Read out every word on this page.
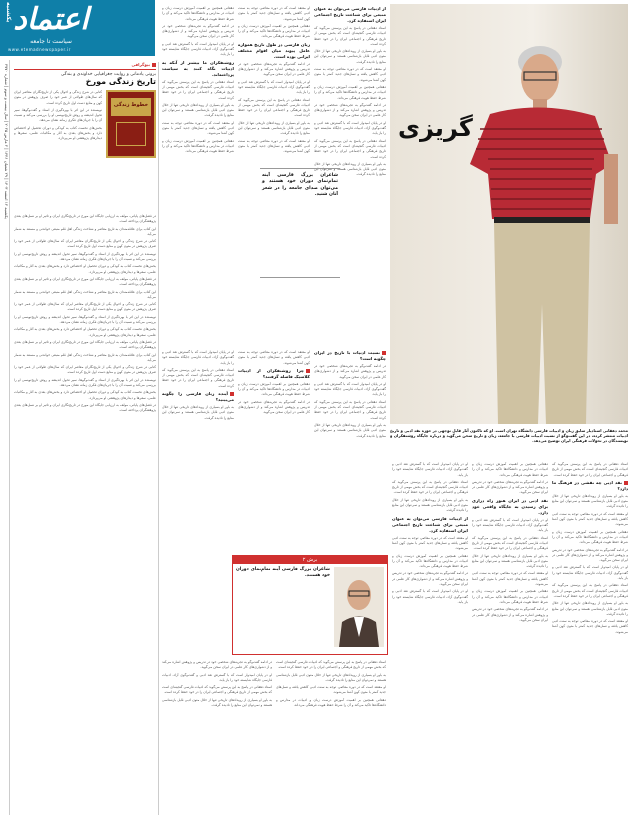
اعتماد
سیاست تا جامعه
www.etemadnewspaper.ir
یکشنبه
یکشنبه ۱۲ اسفند ۱۴۰۳ | ۲۹ شعبان ۱۴۴۶ | ۲ مارس ۲۰۲۵ | سال بیست و سوم | شماره ۴۷۷۰
بیوگرافی
برونی یادمانی و روایت جغرافیایی خداوندی و بندگی
تاریخ زندگی مورخ

کتابی در شرح زندگی و احوال یکی از تاریخ‌نگاران معاصر ایران که سال‌های طولانی از عمر خود را صرف پژوهش در متون کهن و منابع دست اول تاریخ کرده است.

نویسنده در این اثر با بهره‌گیری از اسناد و گفت‌وگوها، سیر تحول اندیشه و روش تاریخ‌نویسی او را بررسی می‌کند و نسبت آن را با جریان‌های فکری زمانه نشان می‌دهد.

بخش‌های نخست کتاب به کودکی و دوران تحصیل او اختصاص دارد و بخش‌های بعدی به آثار و مکاتبات علمی، سفرها و دیدارهای پژوهشی او می‌پردازد.

خطوط زندگی

در فصل‌های پایانی، مولف به ارزیابی جایگاه این مورخ در تاریخ‌نگاری ایران و تاثیر او بر نسل‌های بعدی پژوهشگران پرداخته است.

این کتاب برای علاقه‌مندان به تاریخ معاصر و شناخت زندگی اهل قلم منبعی خواندنی و مستند به شمار می‌آید.

کتابی در شرح زندگی و احوال یکی از تاریخ‌نگاران معاصر ایران که سال‌های طولانی از عمر خود را صرف پژوهش در متون کهن و منابع دست اول تاریخ کرده است.

نویسنده در این اثر با بهره‌گیری از اسناد و گفت‌وگوها، سیر تحول اندیشه و روش تاریخ‌نویسی او را بررسی می‌کند و نسبت آن را با جریان‌های فکری زمانه نشان می‌دهد.

بخش‌های نخست کتاب به کودکی و دوران تحصیل او اختصاص دارد و بخش‌های بعدی به آثار و مکاتبات علمی، سفرها و دیدارهای پژوهشی او می‌پردازد.

در فصل‌های پایانی، مولف به ارزیابی جایگاه این مورخ در تاریخ‌نگاری ایران و تاثیر او بر نسل‌های بعدی پژوهشگران پرداخته است.

این کتاب برای علاقه‌مندان به تاریخ معاصر و شناخت زندگی اهل قلم منبعی خواندنی و مستند به شمار می‌آید.

کتابی در شرح زندگی و احوال یکی از تاریخ‌نگاران معاصر ایران که سال‌های طولانی از عمر خود را صرف پژوهش در متون کهن و منابع دست اول تاریخ کرده است.

نویسنده در این اثر با بهره‌گیری از اسناد و گفت‌وگوها، سیر تحول اندیشه و روش تاریخ‌نویسی او را بررسی می‌کند و نسبت آن را با جریان‌های فکری زمانه نشان می‌دهد.

بخش‌های نخست کتاب به کودکی و دوران تحصیل او اختصاص دارد و بخش‌های بعدی به آثار و مکاتبات علمی، سفرها و دیدارهای پژوهشی او می‌پردازد.

در فصل‌های پایانی، مولف به ارزیابی جایگاه این مورخ در تاریخ‌نگاری ایران و تاثیر او بر نسل‌های بعدی پژوهشگران پرداخته است.

این کتاب برای علاقه‌مندان به تاریخ معاصر و شناخت زندگی اهل قلم منبعی خواندنی و مستند به شمار می‌آید.

کتابی در شرح زندگی و احوال یکی از تاریخ‌نگاران معاصر ایران که سال‌های طولانی از عمر خود را صرف پژوهش در متون کهن و منابع دست اول تاریخ کرده است.

نویسنده در این اثر با بهره‌گیری از اسناد و گفت‌وگوها، سیر تحول اندیشه و روش تاریخ‌نویسی او را بررسی می‌کند و نسبت آن را با جریان‌های فکری زمانه نشان می‌دهد.

بخش‌های نخست کتاب به کودکی و دوران تحصیل او اختصاص دارد و بخش‌های بعدی به آثار و مکاتبات علمی، سفرها و دیدارهای پژوهشی او می‌پردازد.

در فصل‌های پایانی، مولف به ارزیابی جایگاه این مورخ در تاریخ‌نگاری ایران و تاثیر او بر نسل‌های بعدی پژوهشگران پرداخته است.

از ادبیات فارسی می‌توان به عنوان منبعی برای شناخت تاریخ اجتماعی ایران استفاده کرد.

استاد دهقانی در پاسخ به این پرسش می‌گوید که ادبیات فارسی گنجینه‌ای است که بخش مهمی از تاریخ فرهنگی و اجتماعی ایران را در خود حفظ کرده است.

به باور او بسیاری از رویدادهای تاریخی تنها از خلال متون ادبی قابل بازشناسی هستند و نمی‌توان این منابع را نادیده گرفت.

او معتقد است که در دوره معاصر، توجه به سنت ادبی کاهش یافته و نسل‌های جدید کمتر با متون کهن آشنا می‌شوند.

دهقانی همچنین بر اهمیت آموزش درست زبان و ادبیات در مدارس و دانشگاه‌ها تاکید می‌کند و آن را شرط حفظ هویت فرهنگی می‌داند.

در ادامه گفت‌وگو به تجربه‌های شخصی خود در تدریس و پژوهش اشاره می‌کند و از دشواری‌های کار علمی در ایران سخن می‌گوید.

او در پایان امیدوار است که با گسترش نقد ادبی و گفت‌وگوی آزاد، ادبیات فارسی جایگاه شایسته خود را باز یابد.

استاد دهقانی در پاسخ به این پرسش می‌گوید که ادبیات فارسی گنجینه‌ای است که بخش مهمی از تاریخ فرهنگی و اجتماعی ایران را در خود حفظ کرده است.

به باور او بسیاری از رویدادهای تاریخی تنها از خلال متون ادبی قابل بازشناسی هستند و نمی‌توان این منابع را نادیده گرفت.

او معتقد است که در دوره معاصر، توجه به سنت ادبی کاهش یافته و نسل‌های جدید کمتر با متون کهن آشنا می‌شوند.

دهقانی همچنین بر اهمیت آموزش درست زبان و ادبیات در مدارس و دانشگاه‌ها تاکید می‌کند و آن را شرط حفظ هویت فرهنگی می‌داند.

زبان فارسی در طول تاریخ همواره عامل پیوند میان اقوام مختلف ایرانی بوده است.

در ادامه گفت‌وگو به تجربه‌های شخصی خود در تدریس و پژوهش اشاره می‌کند و از دشواری‌های کار علمی در ایران سخن می‌گوید.

او در پایان امیدوار است که با گسترش نقد ادبی و گفت‌وگوی آزاد، ادبیات فارسی جایگاه شایسته خود را باز یابد.

استاد دهقانی در پاسخ به این پرسش می‌گوید که ادبیات فارسی گنجینه‌ای است که بخش مهمی از تاریخ فرهنگی و اجتماعی ایران را در خود حفظ کرده است.

به باور او بسیاری از رویدادهای تاریخی تنها از خلال متون ادبی قابل بازشناسی هستند و نمی‌توان این منابع را نادیده گرفت.

او معتقد است که در دوره معاصر، توجه به سنت ادبی کاهش یافته و نسل‌های جدید کمتر با متون کهن آشنا می‌شوند.

دهقانی همچنین بر اهمیت آموزش درست زبان و ادبیات در مدارس و دانشگاه‌ها تاکید می‌کند و آن را شرط حفظ هویت فرهنگی می‌داند.

در ادامه گفت‌وگو به تجربه‌های شخصی خود در تدریس و پژوهش اشاره می‌کند و از دشواری‌های کار علمی در ایران سخن می‌گوید.

او در پایان امیدوار است که با گسترش نقد ادبی و گفت‌وگوی آزاد، ادبیات فارسی جایگاه شایسته خود را باز یابد.

روشنفکران ما بیشتر از آنکه به ادبیات نگاه کنند به سیاست پرداخته‌اند.

استاد دهقانی در پاسخ به این پرسش می‌گوید که ادبیات فارسی گنجینه‌ای است که بخش مهمی از تاریخ فرهنگی و اجتماعی ایران را در خود حفظ کرده است.

به باور او بسیاری از رویدادهای تاریخی تنها از خلال متون ادبی قابل بازشناسی هستند و نمی‌توان این منابع را نادیده گرفت.

او معتقد است که در دوره معاصر، توجه به سنت ادبی کاهش یافته و نسل‌های جدید کمتر با متون کهن آشنا می‌شوند.

دهقانی همچنین بر اهمیت آموزش درست زبان و ادبیات در مدارس و دانشگاه‌ها تاکید می‌کند و آن را شرط حفظ هویت فرهنگی می‌داند.

گریزی
محمد دهقانی استادیار سابق زبان و ادبیات فارسی دانشگاه تهران است. او که تاکنون آثار قابل توجهی در حوزه نقد ادبی و تاریخ ادبیات منتشر کرده، در این گفت‌وگو از نسبت ادبیات فارسی با جامعه، زبان و تاریخ سخن می‌گوید و درباره جایگاه روشنفکران و نویسندگان در تحولات فرهنگی ایران توضیح می‌دهد.
شاعران بزرگ فارسی آینه تمام‌نمای دوران خود هستند و می‌توان صدای جامعه را در شعر آنان شنید.

نسبت ادبیات با تاریخ در ایران چگونه است؟

در ادامه گفت‌وگو به تجربه‌های شخصی خود در تدریس و پژوهش اشاره می‌کند و از دشواری‌های کار علمی در ایران سخن می‌گوید.

او در پایان امیدوار است که با گسترش نقد ادبی و گفت‌وگوی آزاد، ادبیات فارسی جایگاه شایسته خود را باز یابد.

استاد دهقانی در پاسخ به این پرسش می‌گوید که ادبیات فارسی گنجینه‌ای است که بخش مهمی از تاریخ فرهنگی و اجتماعی ایران را در خود حفظ کرده است.

به باور او بسیاری از رویدادهای تاریخی تنها از خلال متون ادبی قابل بازشناسی هستند و نمی‌توان این منابع را نادیده گرفت.

او معتقد است که در دوره معاصر، توجه به سنت ادبی کاهش یافته و نسل‌های جدید کمتر با متون کهن آشنا می‌شوند.

چرا روشنفکران از ادبیات کلاسیک فاصله گرفتند؟

دهقانی همچنین بر اهمیت آموزش درست زبان و ادبیات در مدارس و دانشگاه‌ها تاکید می‌کند و آن را شرط حفظ هویت فرهنگی می‌داند.

در ادامه گفت‌وگو به تجربه‌های شخصی خود در تدریس و پژوهش اشاره می‌کند و از دشواری‌های کار علمی در ایران سخن می‌گوید.

او در پایان امیدوار است که با گسترش نقد ادبی و گفت‌وگوی آزاد، ادبیات فارسی جایگاه شایسته خود را باز یابد.

استاد دهقانی در پاسخ به این پرسش می‌گوید که ادبیات فارسی گنجینه‌ای است که بخش مهمی از تاریخ فرهنگی و اجتماعی ایران را در خود حفظ کرده است.

آینده زبان فارسی را چگونه می‌بینید؟

به باور او بسیاری از رویدادهای تاریخی تنها از خلال متون ادبی قابل بازشناسی هستند و نمی‌توان این منابع را نادیده گرفت.

برش ۲
شاعران بزرگ فارسی آینه تمام‌نمای دوران خود هستند.

استاد دهقانی در پاسخ به این پرسش می‌گوید که ادبیات فارسی گنجینه‌ای است که بخش مهمی از تاریخ فرهنگی و اجتماعی ایران را در خود حفظ کرده است.

نقد ادبی چه نقشی در فرهنگ ما دارد؟

به باور او بسیاری از رویدادهای تاریخی تنها از خلال متون ادبی قابل بازشناسی هستند و نمی‌توان این منابع را نادیده گرفت.

او معتقد است که در دوره معاصر، توجه به سنت ادبی کاهش یافته و نسل‌های جدید کمتر با متون کهن آشنا می‌شوند.

دهقانی همچنین بر اهمیت آموزش درست زبان و ادبیات در مدارس و دانشگاه‌ها تاکید می‌کند و آن را شرط حفظ هویت فرهنگی می‌داند.

در ادامه گفت‌وگو به تجربه‌های شخصی خود در تدریس و پژوهش اشاره می‌کند و از دشواری‌های کار علمی در ایران سخن می‌گوید.

او در پایان امیدوار است که با گسترش نقد ادبی و گفت‌وگوی آزاد، ادبیات فارسی جایگاه شایسته خود را باز یابد.

استاد دهقانی در پاسخ به این پرسش می‌گوید که ادبیات فارسی گنجینه‌ای است که بخش مهمی از تاریخ فرهنگی و اجتماعی ایران را در خود حفظ کرده است.

به باور او بسیاری از رویدادهای تاریخی تنها از خلال متون ادبی قابل بازشناسی هستند و نمی‌توان این منابع را نادیده گرفت.

او معتقد است که در دوره معاصر، توجه به سنت ادبی کاهش یافته و نسل‌های جدید کمتر با متون کهن آشنا می‌شوند.

دهقانی همچنین بر اهمیت آموزش درست زبان و ادبیات در مدارس و دانشگاه‌ها تاکید می‌کند و آن را شرط حفظ هویت فرهنگی می‌داند.

در ادامه گفت‌وگو به تجربه‌های شخصی خود در تدریس و پژوهش اشاره می‌کند و از دشواری‌های کار علمی در ایران سخن می‌گوید.

نقد ادبی در ایران هنوز راه درازی برای رسیدن به جایگاه واقعی خود دارد.

او در پایان امیدوار است که با گسترش نقد ادبی و گفت‌وگوی آزاد، ادبیات فارسی جایگاه شایسته خود را باز یابد.

استاد دهقانی در پاسخ به این پرسش می‌گوید که ادبیات فارسی گنجینه‌ای است که بخش مهمی از تاریخ فرهنگی و اجتماعی ایران را در خود حفظ کرده است.

به باور او بسیاری از رویدادهای تاریخی تنها از خلال متون ادبی قابل بازشناسی هستند و نمی‌توان این منابع را نادیده گرفت.

او معتقد است که در دوره معاصر، توجه به سنت ادبی کاهش یافته و نسل‌های جدید کمتر با متون کهن آشنا می‌شوند.

دهقانی همچنین بر اهمیت آموزش درست زبان و ادبیات در مدارس و دانشگاه‌ها تاکید می‌کند و آن را شرط حفظ هویت فرهنگی می‌داند.

در ادامه گفت‌وگو به تجربه‌های شخصی خود در تدریس و پژوهش اشاره می‌کند و از دشواری‌های کار علمی در ایران سخن می‌گوید.

او در پایان امیدوار است که با گسترش نقد ادبی و گفت‌وگوی آزاد، ادبیات فارسی جایگاه شایسته خود را باز یابد.

استاد دهقانی در پاسخ به این پرسش می‌گوید که ادبیات فارسی گنجینه‌ای است که بخش مهمی از تاریخ فرهنگی و اجتماعی ایران را در خود حفظ کرده است.

به باور او بسیاری از رویدادهای تاریخی تنها از خلال متون ادبی قابل بازشناسی هستند و نمی‌توان این منابع را نادیده گرفت.

از ادبیات فارسی می‌توان به عنوان منبعی برای شناخت تاریخ اجتماعی ایران استفاده کرد.

او معتقد است که در دوره معاصر، توجه به سنت ادبی کاهش یافته و نسل‌های جدید کمتر با متون کهن آشنا می‌شوند.

دهقانی همچنین بر اهمیت آموزش درست زبان و ادبیات در مدارس و دانشگاه‌ها تاکید می‌کند و آن را شرط حفظ هویت فرهنگی می‌داند.

در ادامه گفت‌وگو به تجربه‌های شخصی خود در تدریس و پژوهش اشاره می‌کند و از دشواری‌های کار علمی در ایران سخن می‌گوید.

او در پایان امیدوار است که با گسترش نقد ادبی و گفت‌وگوی آزاد، ادبیات فارسی جایگاه شایسته خود را باز یابد.

استاد دهقانی در پاسخ به این پرسش می‌گوید که ادبیات فارسی گنجینه‌ای است که بخش مهمی از تاریخ فرهنگی و اجتماعی ایران را در خود حفظ کرده است.

به باور او بسیاری از رویدادهای تاریخی تنها از خلال متون ادبی قابل بازشناسی هستند و نمی‌توان این منابع را نادیده گرفت.

او معتقد است که در دوره معاصر، توجه به سنت ادبی کاهش یافته و نسل‌های جدید کمتر با متون کهن آشنا می‌شوند.

دهقانی همچنین بر اهمیت آموزش درست زبان و ادبیات در مدارس و دانشگاه‌ها تاکید می‌کند و آن را شرط حفظ هویت فرهنگی می‌داند.

در ادامه گفت‌وگو به تجربه‌های شخصی خود در تدریس و پژوهش اشاره می‌کند و از دشواری‌های کار علمی در ایران سخن می‌گوید.

او در پایان امیدوار است که با گسترش نقد ادبی و گفت‌وگوی آزاد، ادبیات فارسی جایگاه شایسته خود را باز یابد.

استاد دهقانی در پاسخ به این پرسش می‌گوید که ادبیات فارسی گنجینه‌ای است که بخش مهمی از تاریخ فرهنگی و اجتماعی ایران را در خود حفظ کرده است.

به باور او بسیاری از رویدادهای تاریخی تنها از خلال متون ادبی قابل بازشناسی هستند و نمی‌توان این منابع را نادیده گرفت.
